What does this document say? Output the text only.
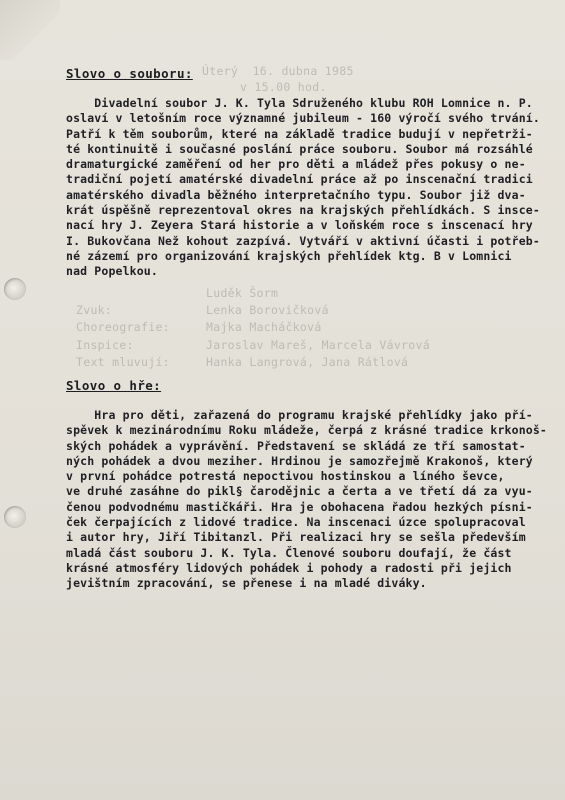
Úterý  16. dubna 1985
v 15.00 hod.
Luděk Šorm
Zvuk:	Lenka Borovičková
Choreografie:	Majka Macháčková
Inspice:	Jaroslav Mareš, Marcela Vávrová
Text mluvují:	Hanka Langrová, Jana Rátlová
Slovo o souboru:
Divadelní soubor J. K. Tyla Sdruženého klubu ROH Lomnice n. P.
oslaví v letošním roce významné jubileum - 160 výročí svého trvání.
Patří k těm souborům, které na základě tradice budují v nepřetrži-
té kontinuitě i současné poslání práce souboru. Soubor má rozsáhlé
dramaturgické zaměření od her pro děti a mládež přes pokusy o ne-
tradiční pojetí amatérské divadelní práce až po inscenační tradici
amatérského divadla běžného interpretačního typu. Soubor již dva-
krát úspěšně reprezentoval okres na krajských přehlídkách. S insce-
nací hry J. Zeyera Stará historie a v loňském roce s inscenací hry
I. Bukovčana Než kohout zazpívá. Vytváří v aktivní účasti i potřeb-
né zázemí pro organizování krajských přehlídek ktg. B v Lomnici
nad Popelkou.
Slovo o hře:
Hra pro děti, zařazená do programu krajské přehlídky jako pří-
spěvek k mezinárodnímu Roku mládeže, čerpá z krásné tradice krkonoš-
ských pohádek a vyprávění. Představení se skládá ze tří samostat-
ných pohádek a dvou meziher. Hrdinou je samozřejmě Krakonoš, který
v první pohádce potrestá nepoctivou hostinskou a líného ševce,
ve druhé zasáhne do pikl§ čarodějnic a čerta a ve třetí dá za vyu-
čenou podvodnému mastičkáři. Hra je obohacena řadou hezkých písni-
ček čerpajících z lidové tradice. Na inscenaci úzce spolupracoval
i autor hry, Jiří Tibitanzl. Při realizaci hry se sešla především
mladá část souboru J. K. Tyla. Členové souboru doufají, že část
krásné atmosféry lidových pohádek i pohody a radosti při jejich
jevištním zpracování, se přenese i na mladé diváky.
